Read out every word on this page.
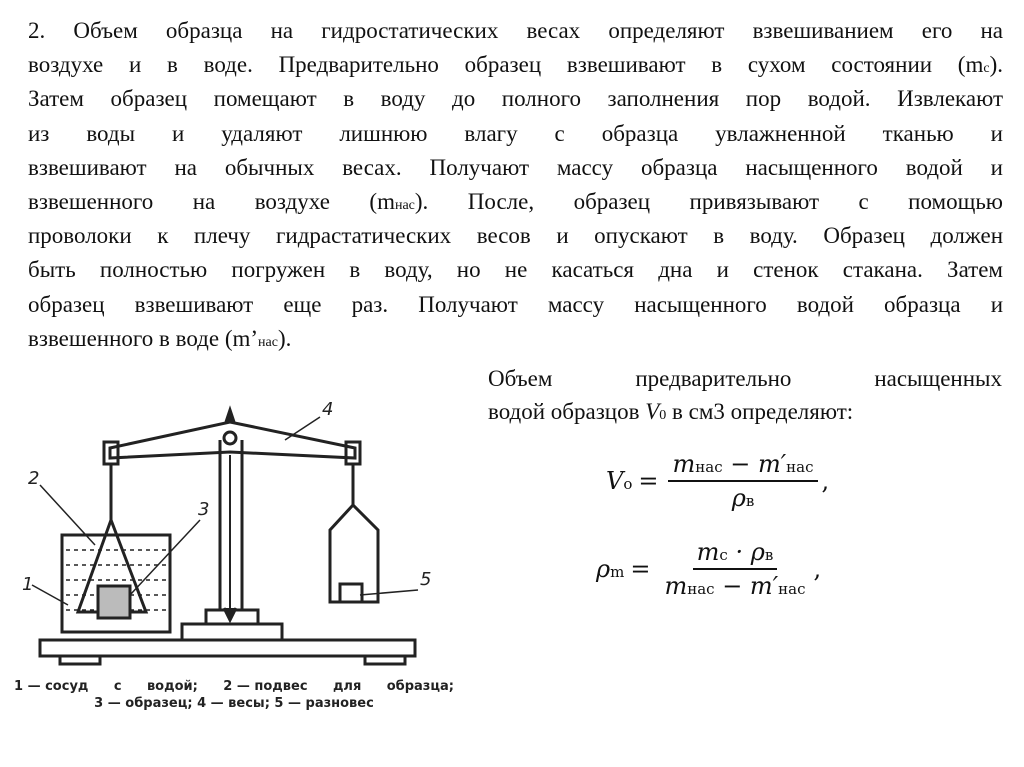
2. Объем образца на гидростатических весах определяют взвешиванием его на
воздухе и в воде. Предварительно образец взвешивают в сухом состоянии (mc).
Затем образец помещают в воду до полного заполнения пор водой. Извлекают
из воды и удаляют лишнюю влагу с образца увлажненной тканью и
взвешивают на обычных весах. Получают массу образца насыщенного водой и
взвешенного на воздухе (mнас). После, образец привязывают с помощью
проволоки к плечу гидрастатических весов и опускают в воду. Образец должен
быть полностью погружен в воду, но не касаться дна и стенок стакана. Затем
образец взвешивают еще раз. Получают массу насыщенного водой образца и
взвешенного в воде (m’нас).
Объем предварительно насыщенных
водой образцов V0 в см3 определяют:
Vо = $\frac{\text{mнас − m′нас}}{\rho в}$ ,
$\rho m = \frac{mc \cdot \rho в}{\text{mнас − m′нас}}$ ,
1
2
3
4
5
1 — сосуд с водой; 2 — подвес для образца;
3 — образец; 4 — весы; 5 — разновес
